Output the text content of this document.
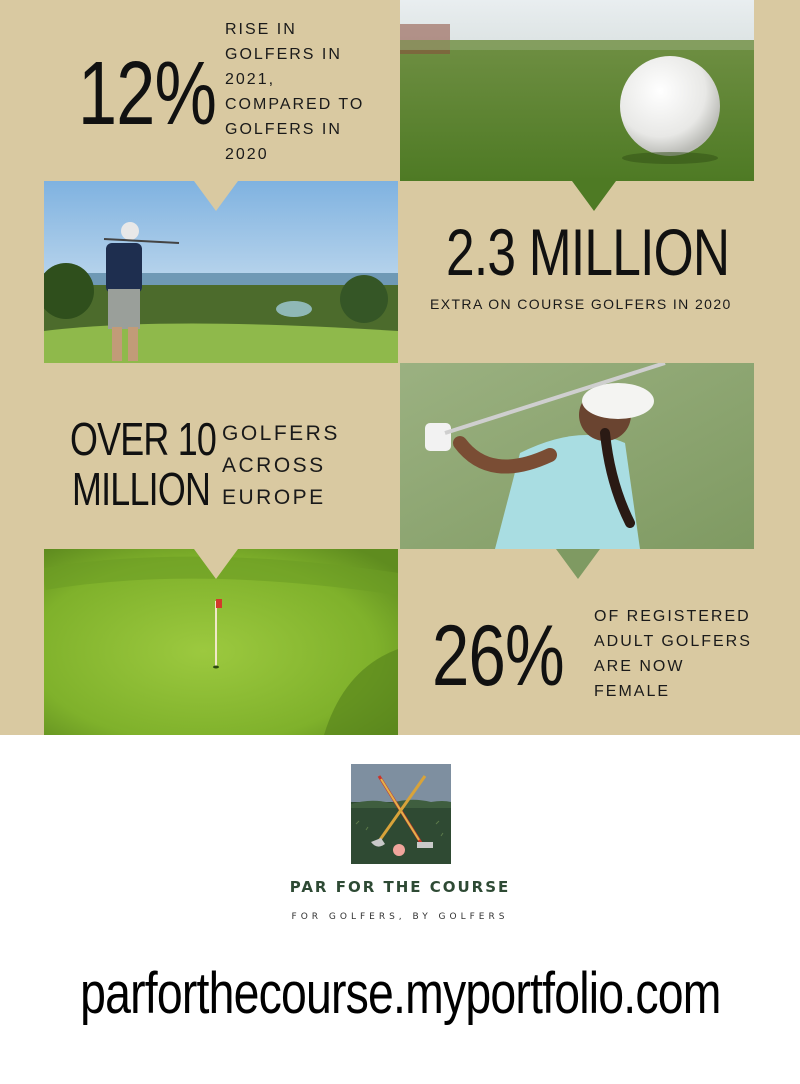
12%
RISE IN
GOLFERS IN
2021,
COMPARED TO
GOLFERS IN
2020
2.3 MILLION
EXTRA ON COURSE GOLFERS IN 2020
OVER 10
MILLION
GOLFERS
ACROSS
EUROPE
26% OF REGISTERED
ADULT GOLFERS
ARE NOW
FEMALE
PAR FOR THE COURSE
FOR GOLFERS, BY GOLFERS
parforthecourse.myportfolio.com
